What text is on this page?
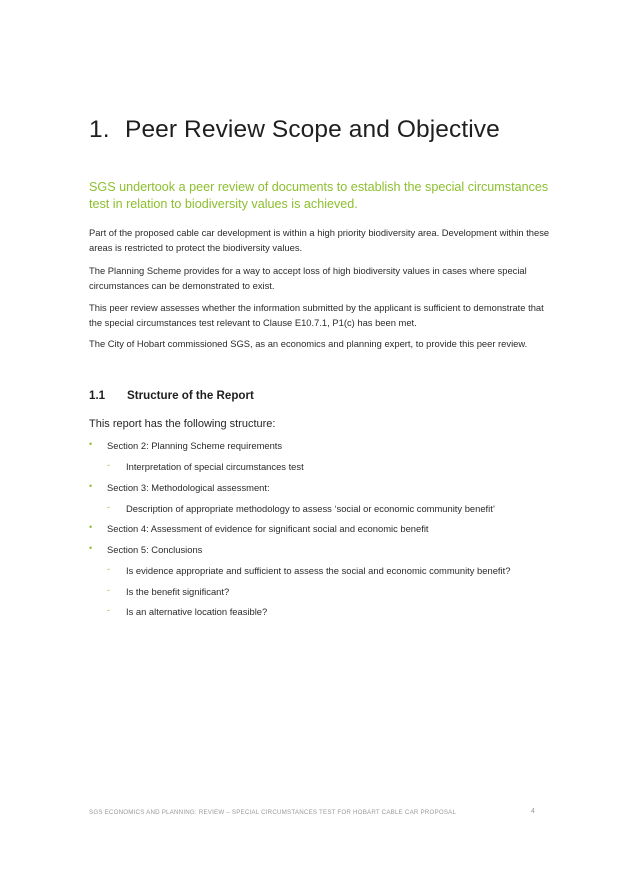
1. Peer Review Scope and Objective
SGS undertook a peer review of documents to establish the special circumstances test in relation to biodiversity values is achieved.
Part of the proposed cable car development is within a high priority biodiversity area. Development within these areas is restricted to protect the biodiversity values.
The Planning Scheme provides for a way to accept loss of high biodiversity values in cases where special circumstances can be demonstrated to exist.
This peer review assesses whether the information submitted by the applicant is sufficient to demonstrate that the special circumstances test relevant to Clause E10.7.1, P1(c) has been met.
The City of Hobart commissioned SGS, as an economics and planning expert, to provide this peer review.
1.1 Structure of the Report
This report has the following structure:
• Section 2: Planning Scheme requirements
- Interpretation of special circumstances test
• Section 3: Methodological assessment:
- Description of appropriate methodology to assess ‘social or economic community benefit’
• Section 4: Assessment of evidence for significant social and economic benefit
• Section 5: Conclusions
- Is evidence appropriate and sufficient to assess the social and economic community benefit?
- Is the benefit significant?
- Is an alternative location feasible?
SGS ECONOMICS AND PLANNING: REVIEW – SPECIAL CIRCUMSTANCES TEST FOR HOBART CABLE CAR PROPOSAL	4
